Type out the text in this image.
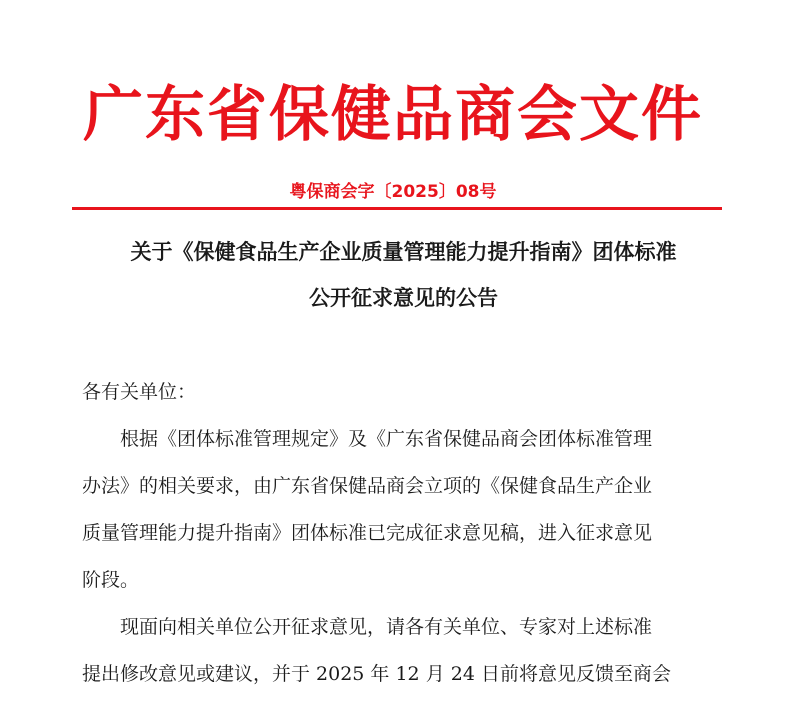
广东省保健品商会文件
粤保商会字〔2025〕08号
关于《保健食品生产企业质量管理能力提升指南》团体标准
公开征求意见的公告

各有关单位：

根据《团体标准管理规定》及《广东省保健品商会团体标准管理

办法》的相关要求，由广东省保健品商会立项的《保健食品生产企业

质量管理能力提升指南》团体标准已完成征求意见稿，进入征求意见

阶段。

现面向相关单位公开征求意见，请各有关单位、专家对上述标准

提出修改意见或建议，并于 2025 年 12 月 24 日前将意见反馈至商会
